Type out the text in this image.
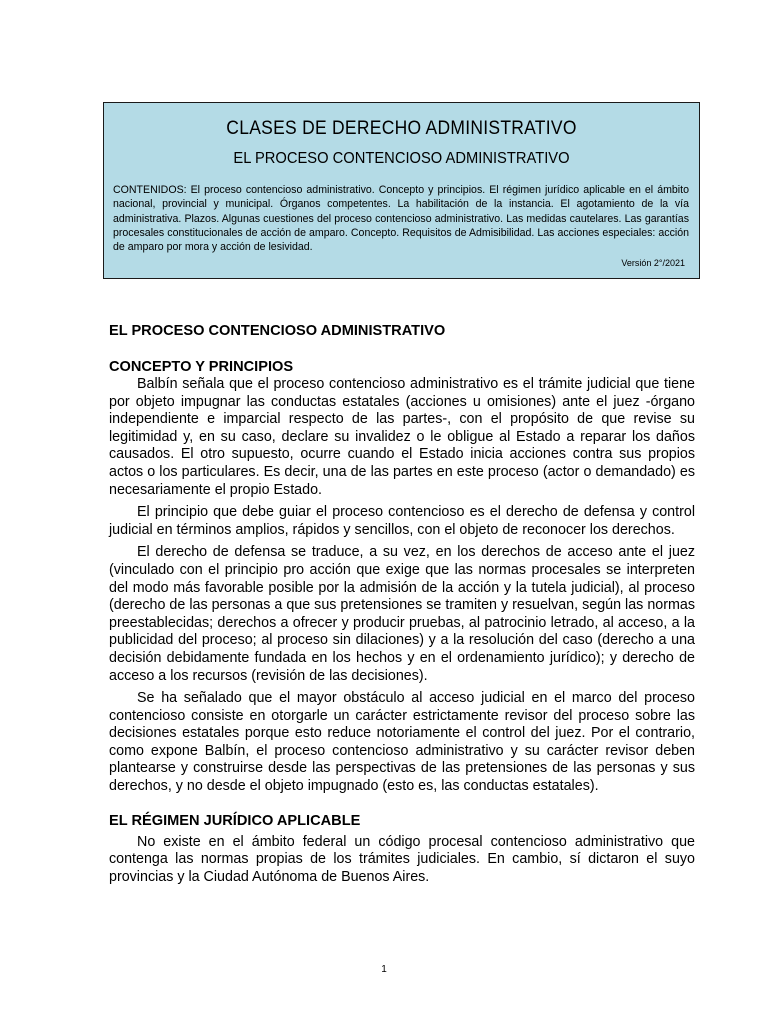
CLASES DE DERECHO ADMINISTRATIVO
EL PROCESO CONTENCIOSO ADMINISTRATIVO

CONTENIDOS: El proceso contencioso administrativo. Concepto y principios. El régimen jurídico aplicable en el ámbito nacional, provincial y municipal. Órganos competentes. La habilitación de la instancia. El agotamiento de la vía administrativa. Plazos. Algunas cuestiones del proceso contencioso administrativo. Las medidas cautelares. Las garantías procesales constitucionales de acción de amparo. Concepto. Requisitos de Admisibilidad. Las acciones especiales: acción de amparo por mora y acción de lesividad.

Versión 2°/2021
EL PROCESO CONTENCIOSO ADMINISTRATIVO
CONCEPTO Y PRINCIPIOS

Balbín señala que el proceso contencioso administrativo es el trámite judicial que tiene por objeto impugnar las conductas estatales (acciones u omisiones) ante el juez -órgano independiente e imparcial respecto de las partes-, con el propósito de que revise su legitimidad y, en su caso, declare su invalidez o le obligue al Estado a reparar los daños causados. El otro supuesto, ocurre cuando el Estado inicia acciones contra sus propios actos o los particulares. Es decir, una de las partes en este proceso (actor o demandado) es necesariamente el propio Estado.

El principio que debe guiar el proceso contencioso es el derecho de defensa y control judicial en términos amplios, rápidos y sencillos, con el objeto de reconocer los derechos.

El derecho de defensa se traduce, a su vez, en los derechos de acceso ante el juez (vinculado con el principio pro acción que exige que las normas procesales se interpreten del modo más favorable posible por la admisión de la acción y la tutela judicial), al proceso (derecho de las personas a que sus pretensiones se tramiten y resuelvan, según las normas preestablecidas; derechos a ofrecer y producir pruebas, al patrocinio letrado, al acceso, a la publicidad del proceso; al proceso sin dilaciones) y a la resolución del caso (derecho a una decisión debidamente fundada en los hechos y en el ordenamiento jurídico); y derecho de acceso a los recursos (revisión de las decisiones).

Se ha señalado que el mayor obstáculo al acceso judicial en el marco del proceso contencioso consiste en otorgarle un carácter estrictamente revisor del proceso sobre las decisiones estatales porque esto reduce notoriamente el control del juez. Por el contrario, como expone Balbín, el proceso contencioso administrativo y su carácter revisor deben plantearse y construirse desde las perspectivas de las pretensiones de las personas y sus derechos, y no desde el objeto impugnado (esto es, las conductas estatales).

EL RÉGIMEN JURÍDICO APLICABLE

No existe en el ámbito federal un código procesal contencioso administrativo que contenga las normas propias de los trámites judiciales. En cambio, sí dictaron el suyo provincias y la Ciudad Autónoma de Buenos Aires.

1
